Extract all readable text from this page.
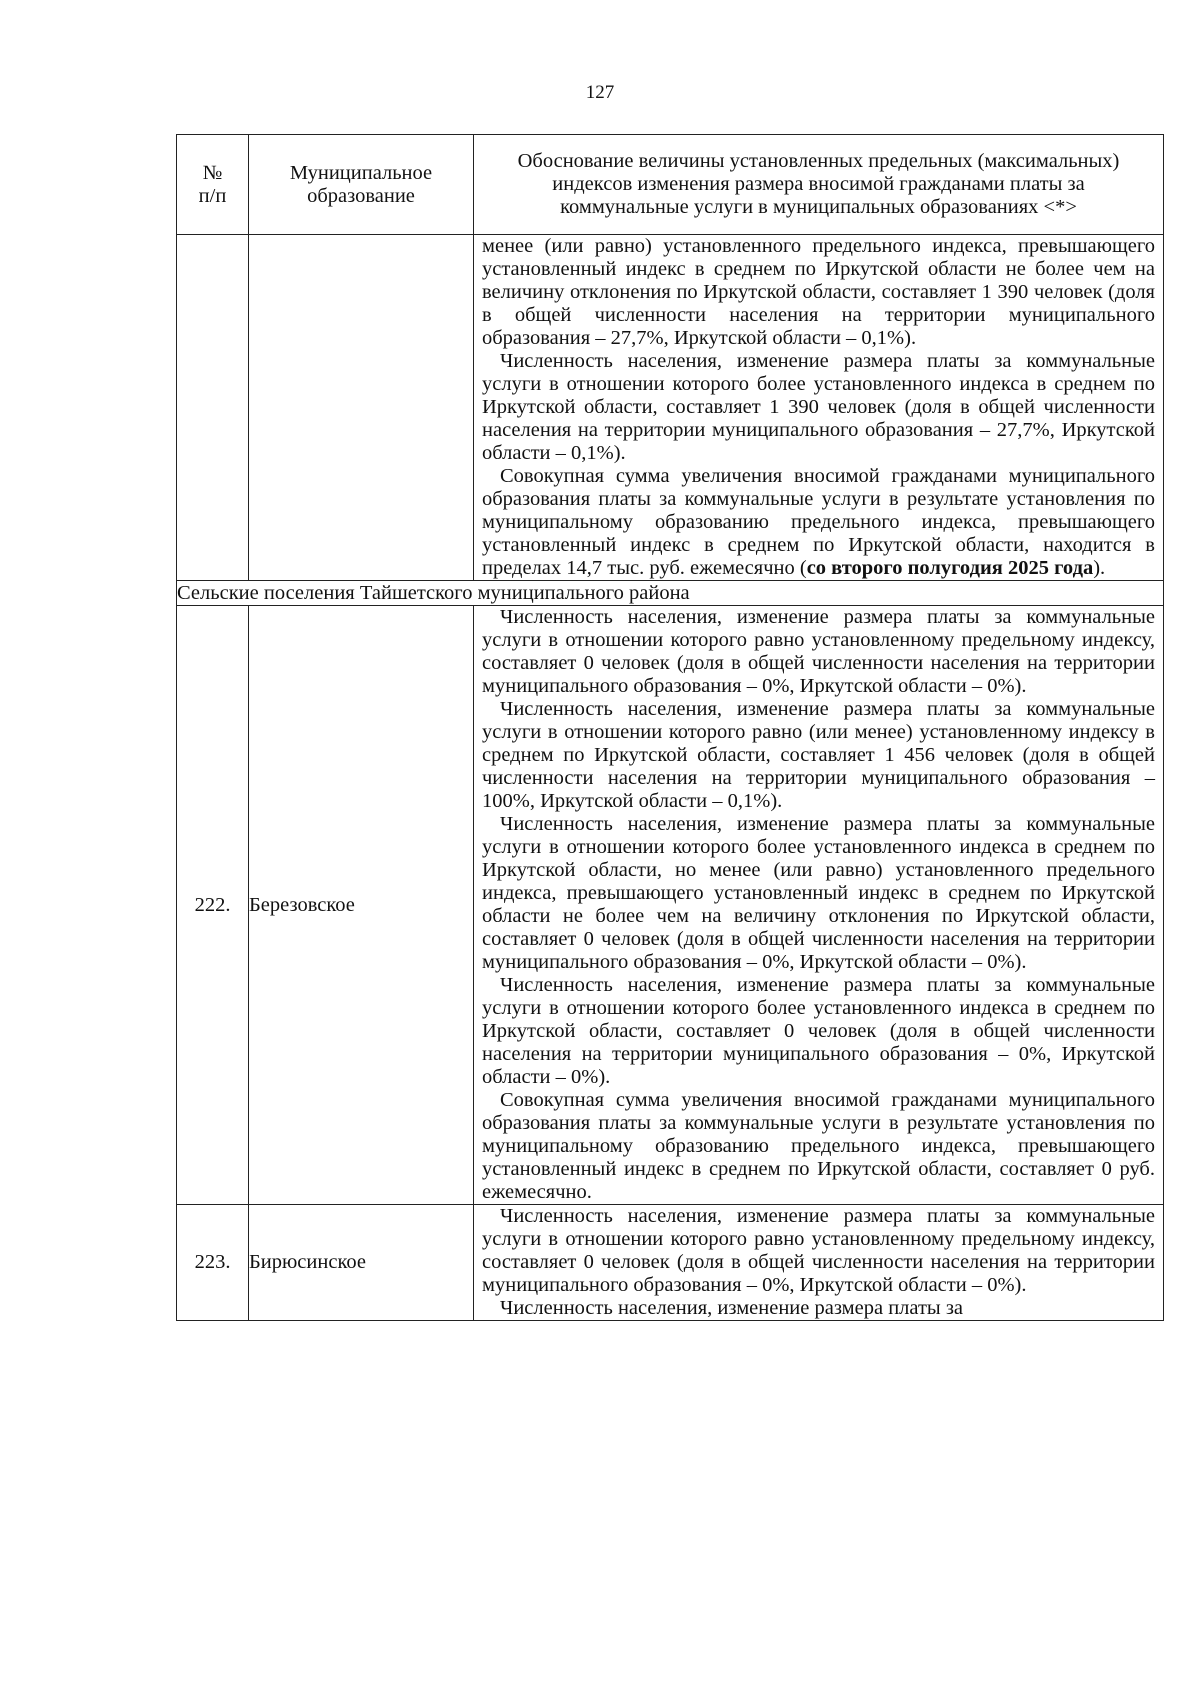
127
№ п/п	Муниципальное образование	Обоснование величины установленных предельных (максимальных) индексов изменения размера вносимой гражданами платы за коммунальные услуги в муниципальных образованиях <*>

		менее (или равно) установленного предельного индекса, превышающего установленный индекс в среднем по Иркутской области не более чем на величину отклонения по Иркутской области, составляет 1 390 человек (доля в общей численности населения на территории муниципального образования – 27,7%, Иркутской области – 0,1%).
Численность населения, изменение размера платы за коммунальные услуги в отношении которого более установленного индекса в среднем по Иркутской области, составляет 1 390 человек (доля в общей численности населения на территории муниципального образования – 27,7%, Иркутской области – 0,1%).
Совокупная сумма увеличения вносимой гражданами муниципального образования платы за коммунальные услуги в результате установления по муниципальному образованию предельного индекса, превышающего установленный индекс в среднем по Иркутской области, находится в пределах 14,7 тыс. руб. ежемесячно (со второго полугодия 2025 года).

Сельские поселения Тайшетского муниципального района		
222.	Березовское	Численность населения, изменение размера платы за коммунальные услуги в отношении которого равно установленному предельному индексу, составляет 0 человек (доля в общей численности населения на территории муниципального образования – 0%, Иркутской области – 0%).
Численность населения, изменение размера платы за коммунальные услуги в отношении которого равно (или менее) установленному индексу в среднем по Иркутской области, составляет 1 456 человек (доля в общей численности населения на территории муниципального образования – 100%, Иркутской области – 0,1%).
Численность населения, изменение размера платы за коммунальные услуги в отношении которого более установленного индекса в среднем по Иркутской области, но менее (или равно) установленного предельного индекса, превышающего установленный индекс в среднем по Иркутской области не более чем на величину отклонения по Иркутской области, составляет 0 человек (доля в общей численности населения на территории муниципального образования – 0%, Иркутской области – 0%).
Численность населения, изменение размера платы за коммунальные услуги в отношении которого более установленного индекса в среднем по Иркутской области, составляет 0 человек (доля в общей численности населения на территории муниципального образования – 0%, Иркутской области – 0%).
Совокупная сумма увеличения вносимой гражданами муниципального образования платы за коммунальные услуги в результате установления по муниципальному образованию предельного индекса, превышающего установленный индекс в среднем по Иркутской области, составляет 0 руб. ежемесячно.

223.	Бирюсинское	Численность населения, изменение размера платы за коммунальные услуги в отношении которого равно установленному предельному индексу, составляет 0 человек (доля в общей численности населения на территории муниципального образования – 0%, Иркутской области – 0%).
Численность населения, изменение размера платы за
